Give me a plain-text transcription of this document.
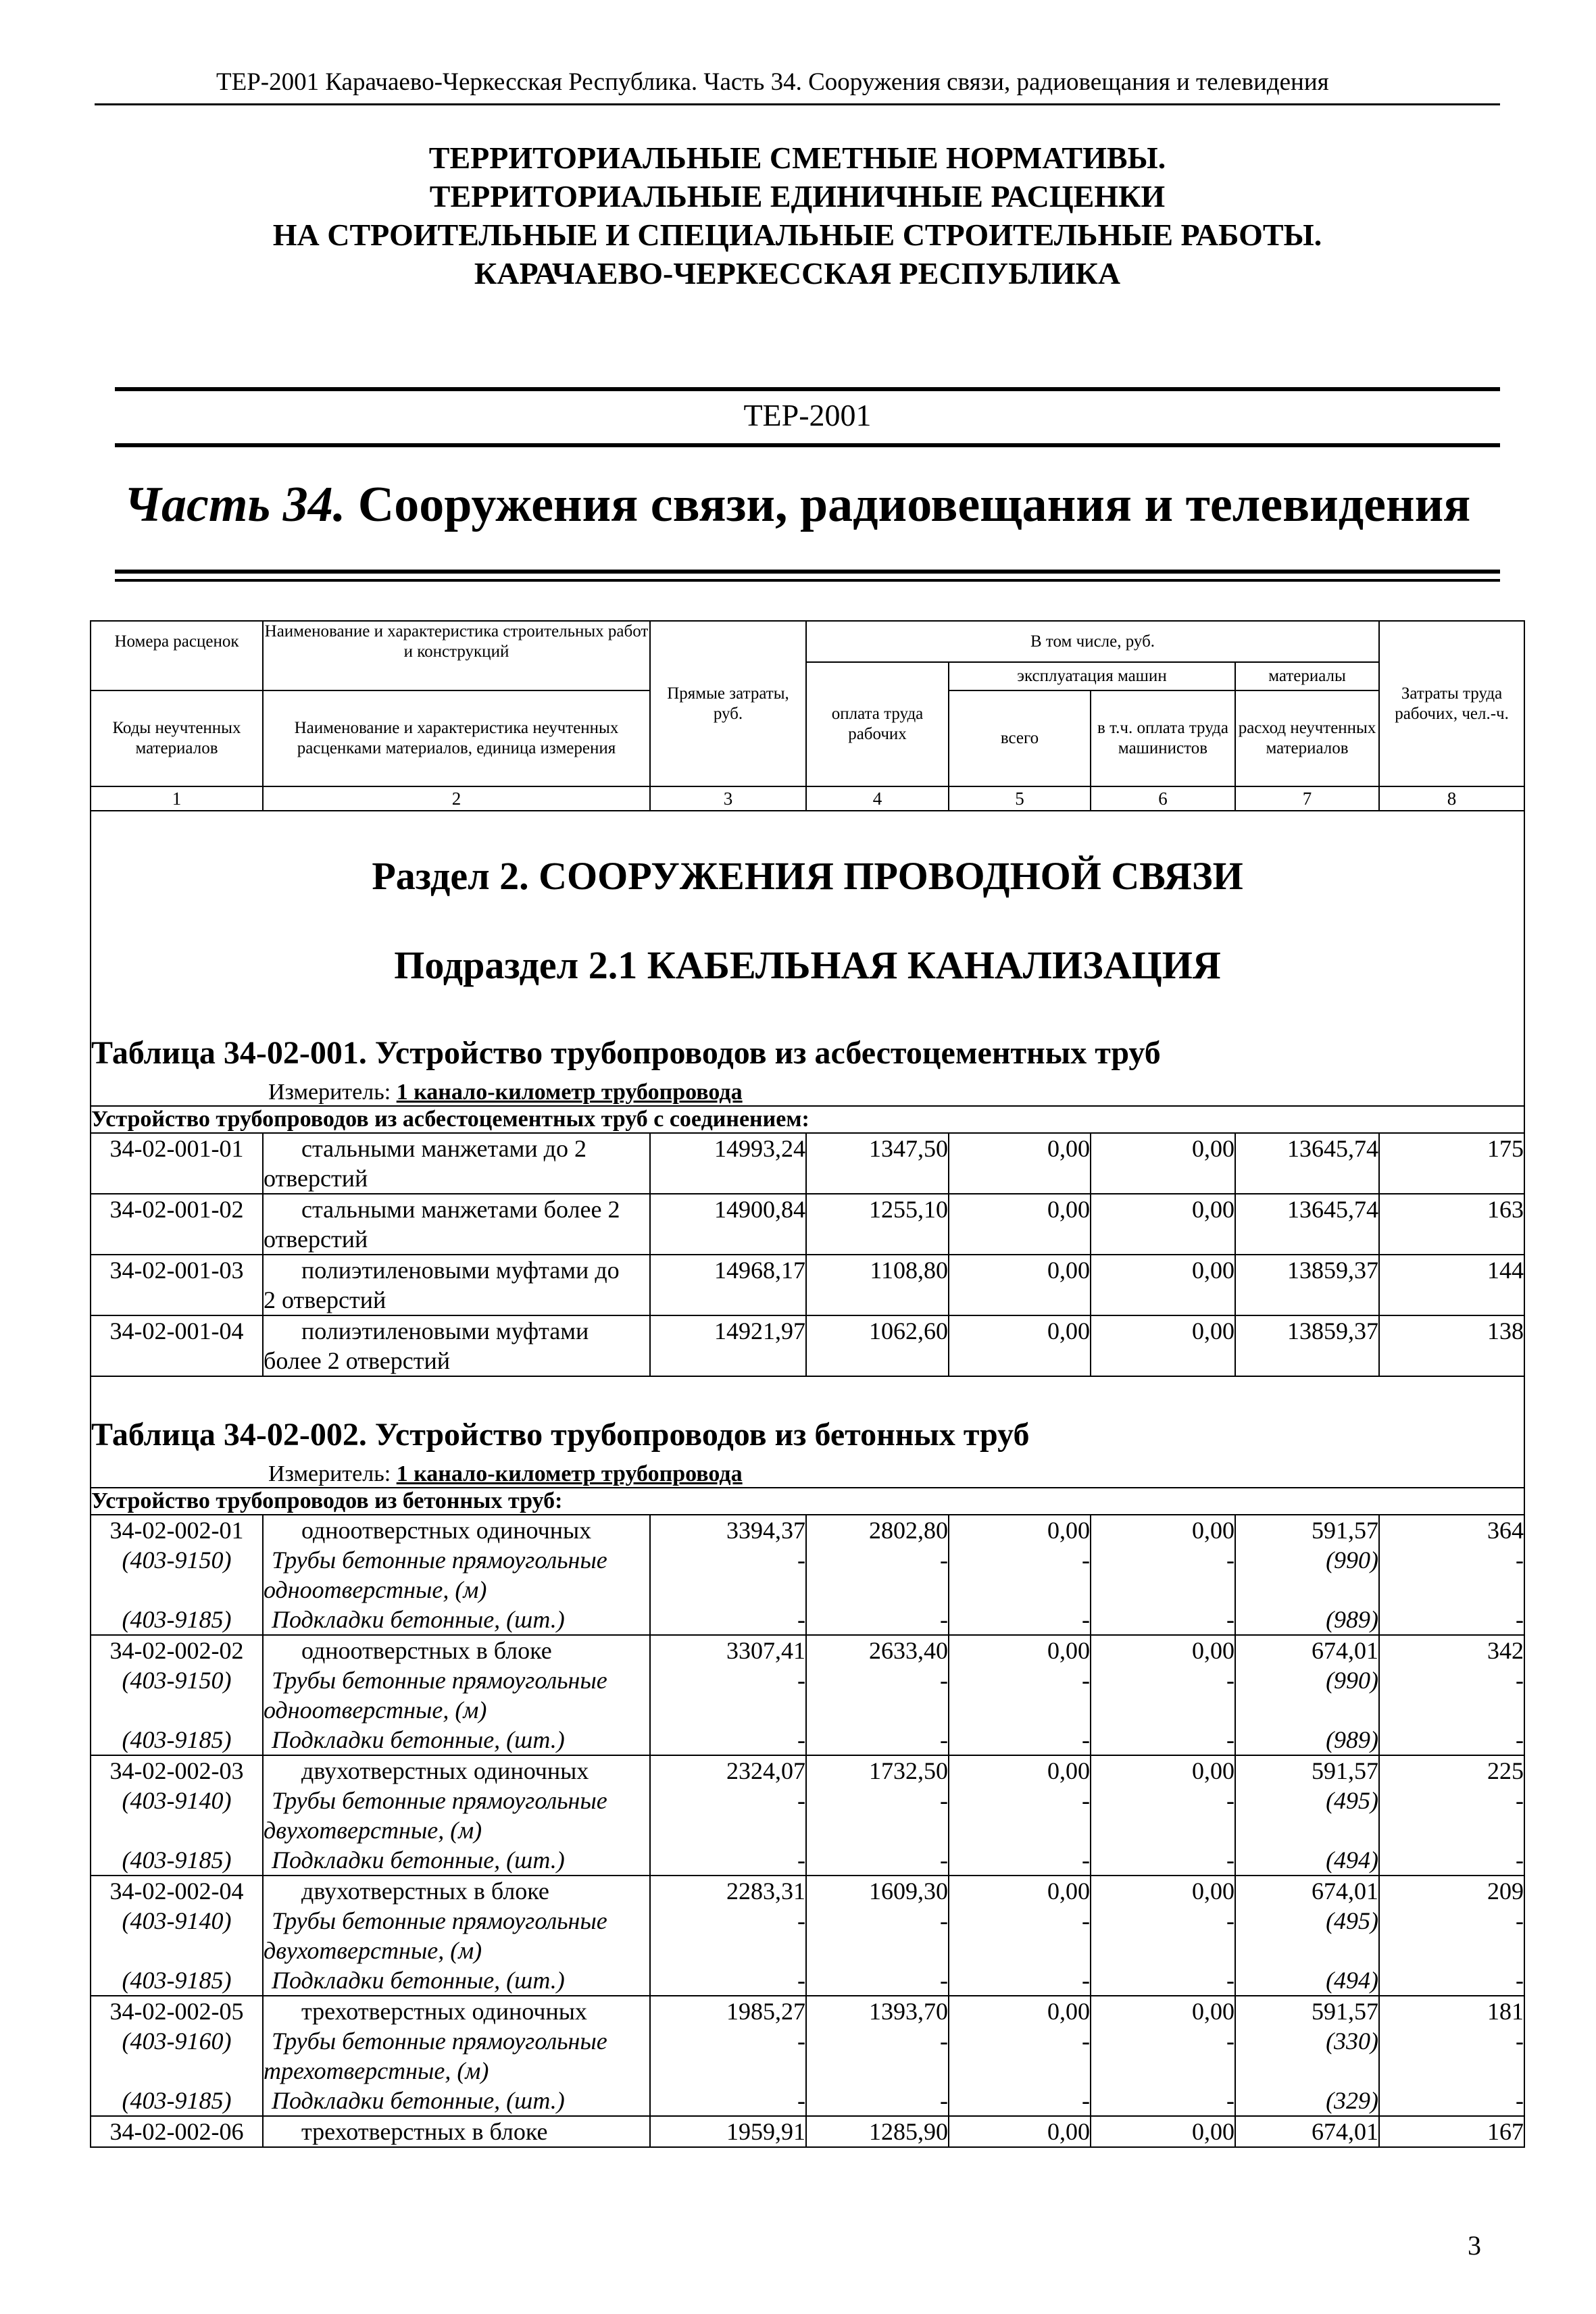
ТЕР-2001 Карачаево-Черкесская Республика. Часть 34. Сооружения связи, радиовещания и телевидения
ТЕРРИТОРИАЛЬНЫЕ СМЕТНЫЕ НОРМАТИВЫ.
ТЕРРИТОРИАЛЬНЫЕ ЕДИНИЧНЫЕ РАСЦЕНКИ
НА СТРОИТЕЛЬНЫЕ И СПЕЦИАЛЬНЫЕ СТРОИТЕЛЬНЫЕ РАБОТЫ.
КАРАЧАЕВО-ЧЕРКЕССКАЯ РЕСПУБЛИКА
ТЕР-2001
Часть 34. Сооружения связи, радиовещания и телевидения
Номера расценок	Наименование и характеристика строительных работ и конструкций	Прямые затраты, руб.	В том числе, руб.				Затраты труда рабочих, чел.-ч.
			оплата труда рабочих	эксплуатация машин		материалы	
Коды неучтенных материалов	Наименование и характеристика неучтенных расценками материалов, единица измерения			всего	в т.ч. оплата труда машинистов	расход неучтенных материалов	
1	2	3	4	5	6	7	8

Раздел 2. СООРУЖЕНИЯ ПРОВОДНОЙ СВЯЗИ
Подраздел 2.1 КАБЕЛЬНАЯ КАНАЛИЗАЦИЯ
Таблица 34-02-001. Устройство трубопроводов из асбестоцементных труб
Измеритель: 1 канало-километр трубопровода							

Устройство трубопроводов из асбестоцементных труб с соединением:							
34-02-001-01	стальными манжетами до 2
отверстий	14993,24	1347,50	0,00	0,00	13645,74	175
34-02-001-02	стальными манжетами более 2
отверстий	14900,84	1255,10	0,00	0,00	13645,74	163
34-02-001-03	полиэтиленовыми муфтами до
2 отверстий	14968,17	1108,80	0,00	0,00	13859,37	144
34-02-001-04	полиэтиленовыми муфтами
более 2 отверстий	14921,97	1062,60	0,00	0,00	13859,37	138

Таблица 34-02-002. Устройство трубопроводов из бетонных труб
Измеритель: 1 канало-километр трубопровода							

Устройство трубопроводов из бетонных труб:							
34-02-002-01	одноотверстных одиночных	3394,37	2802,80	0,00	0,00	591,57	364
(403-9150)	Трубы бетонные прямоугольные
одноотверстные, (м)	-	-	-	-	(990)	-
(403-9185)	Подкладки бетонные, (шт.)	-	-	-	-	(989)	-
34-02-002-02	одноотверстных в блоке	3307,41	2633,40	0,00	0,00	674,01	342
(403-9150)	Трубы бетонные прямоугольные
одноотверстные, (м)	-	-	-	-	(990)	-
(403-9185)	Подкладки бетонные, (шт.)	-	-	-	-	(989)	-
34-02-002-03	двухотверстных одиночных	2324,07	1732,50	0,00	0,00	591,57	225
(403-9140)	Трубы бетонные прямоугольные
двухотверстные, (м)	-	-	-	-	(495)	-
(403-9185)	Подкладки бетонные, (шт.)	-	-	-	-	(494)	-
34-02-002-04	двухотверстных в блоке	2283,31	1609,30	0,00	0,00	674,01	209
(403-9140)	Трубы бетонные прямоугольные
двухотверстные, (м)	-	-	-	-	(495)	-
(403-9185)	Подкладки бетонные, (шт.)	-	-	-	-	(494)	-
34-02-002-05	трехотверстных одиночных	1985,27	1393,70	0,00	0,00	591,57	181
(403-9160)	Трубы бетонные прямоугольные
трехотверстные, (м)	-	-	-	-	(330)	-
(403-9185)	Подкладки бетонные, (шт.)	-	-	-	-	(329)	-
34-02-002-06	трехотверстных в блоке	1959,91	1285,90	0,00	0,00	674,01	167
3
